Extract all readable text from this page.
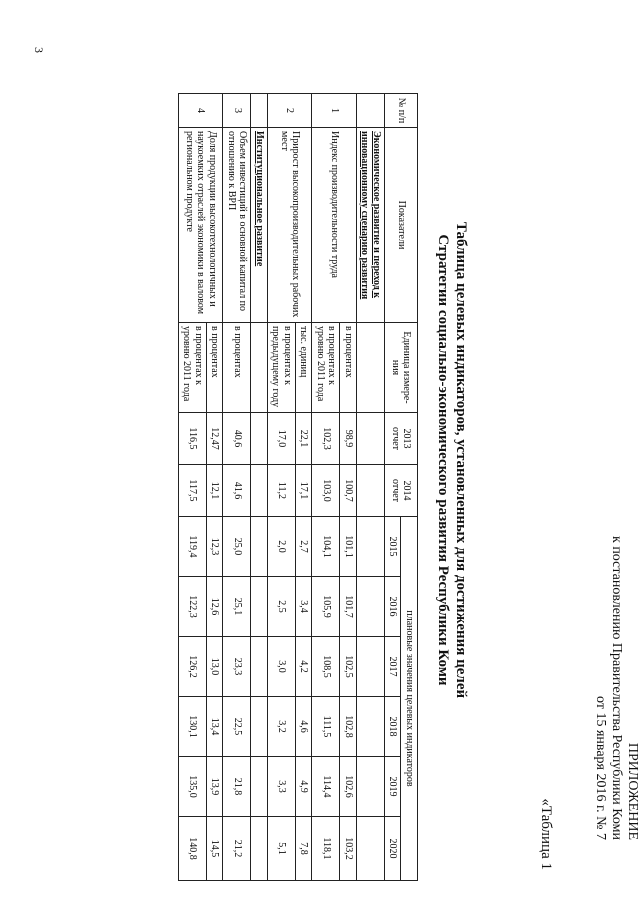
ПРИЛОЖЕНИЕ
к постановлению Правительства Республики Коми
от 15 января 2016 г. № 7
«Таблица 1
Таблица целевых индикаторов, установленных для достижения целей
Стратегии социально-экономического развития Республики Коми
№ п/п	Показатели	Единица измере-ния	2013 отчет	2014 отчет	плановые значения целевых индикаторов					
					2015	2016	2017	2018	2019	2020
	Экономическое развитие и переход к инновационному сценарию развития									
1	Индекс производительности труда	в процентах	98,9	100,7	101,1	101,7	102,5	102,8	102,6	103,2
		в процентах к уровню 2011 года	102,3	103,0	104,1	105,9	108,5	111,5	114,4	118,1
2	Прирост высокопроизводительных рабочих мест	тыс. единиц	22,1	17,1	2,7	3,4	4,2	4,6	4,9	7,8
		в процентах к предыдущему году	17,0	11,2	2,0	2,5	3,0	3,2	3,3	5,1
	Институциональное развитие									
3	Объем инвестиций в основной капитал по отношению к ВРП	в процентах	40,6	41,6	25,0	25,1	23,3	22,5	21,8	21,2
4	Доля продукции высокотехнологичных и наукоемких отраслей экономики в валовом региональном продукте	в процентах	12,47	12,1	12,3	12,6	13,0	13,4	13,9	14,5
		в процентах к уровню 2011 года	116,5	117,5	119,4	122,3	126,2	130,1	135,0	140,8
3
